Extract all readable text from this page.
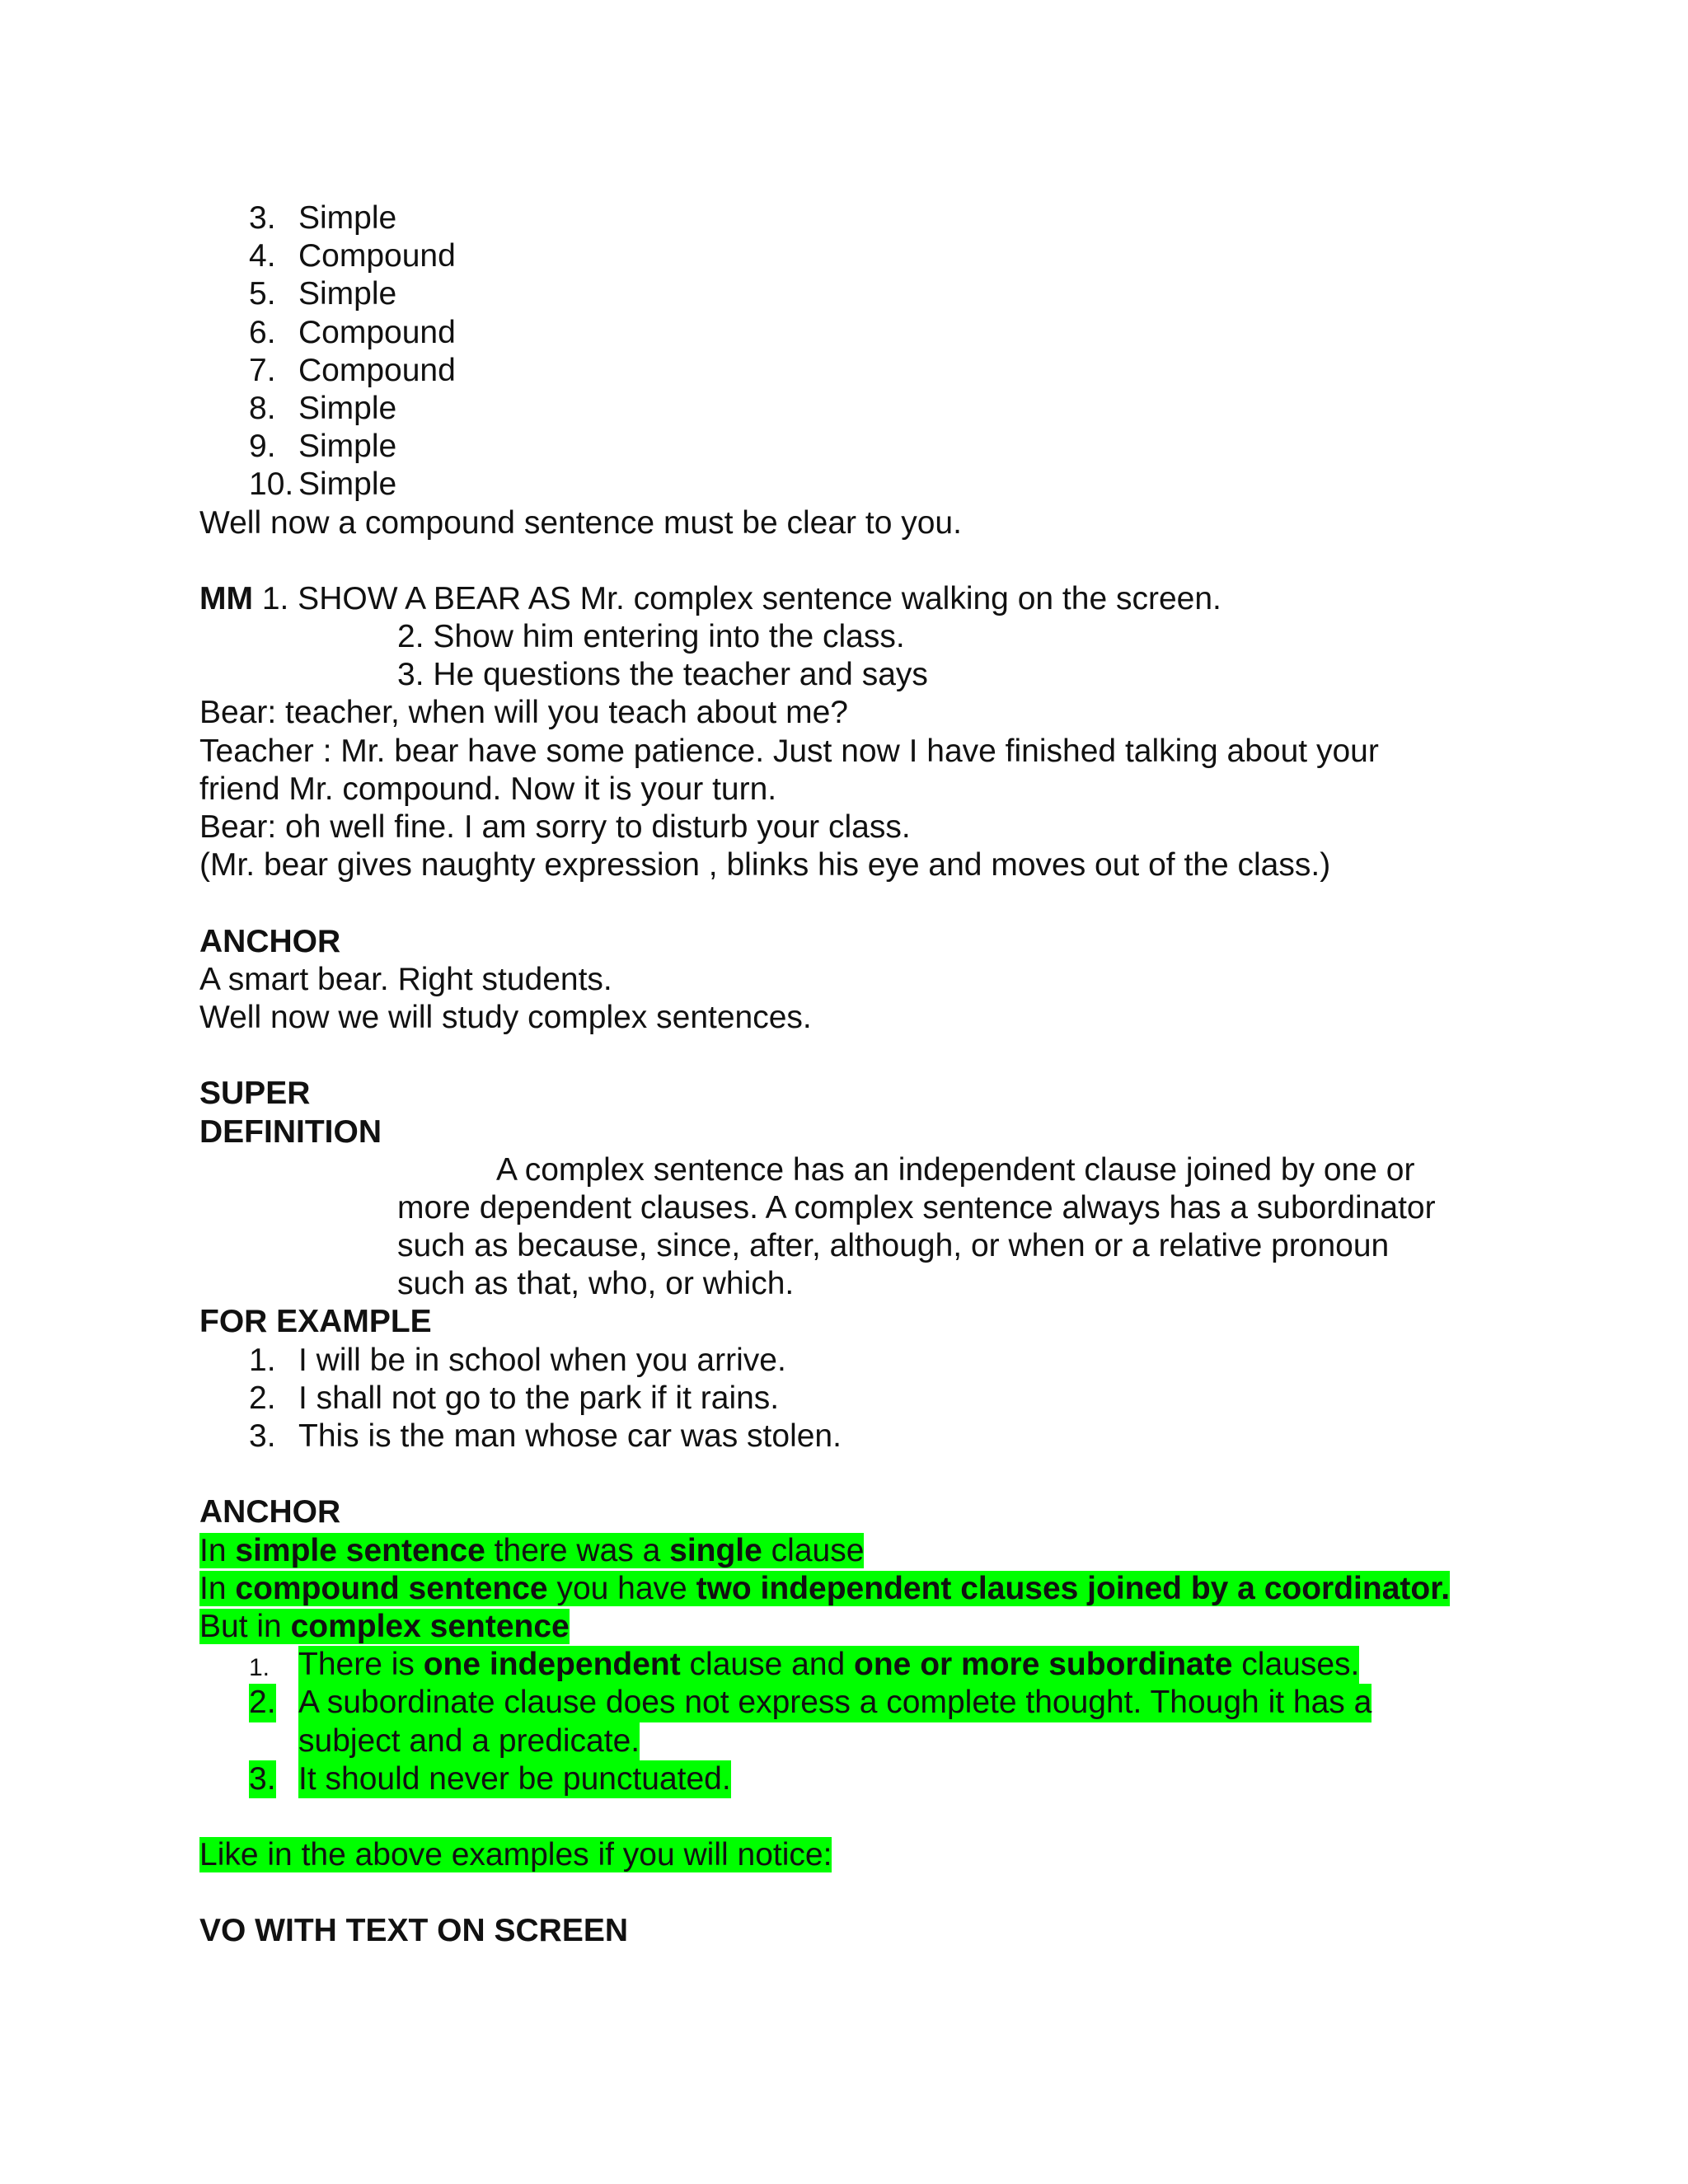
3. Simple
4. Compound
5. Simple
6. Compound
7. Compound
8. Simple
9. Simple
10. Simple
Well now a compound sentence must be clear to you.
MM 1. SHOW A BEAR AS Mr. complex sentence walking on the screen.
2. Show him entering into the class.
3. He questions the teacher and says
Bear: teacher, when will you teach about me?
Teacher : Mr. bear have some patience. Just now I have finished talking about your
friend Mr. compound. Now it is your turn.
Bear: oh well fine. I am sorry to disturb your class.
(Mr. bear gives naughty expression , blinks his eye and moves out of the class.)
ANCHOR
A smart bear. Right students.
Well now we will study complex sentences.
SUPER
DEFINITION
A complex sentence has an independent clause joined by one or
more dependent clauses. A complex sentence always has a subordinator
such as because, since, after, although, or when or a relative pronoun
such as that, who, or which.
FOR EXAMPLE
1. I will be in school when you arrive.
2. I shall not go to the park if it rains.
3. This is the man whose car was stolen.
ANCHOR
In simple sentence there was a single clause
In compound sentence you have two independent clauses joined by a coordinator.
But in complex sentence
1. There is one independent clause and one or more subordinate clauses.
2. A subordinate clause does not express a complete thought. Though it has a
subject and a predicate.
3. It should never be punctuated.
Like in the above examples if you will notice:
VO WITH TEXT ON SCREEN
